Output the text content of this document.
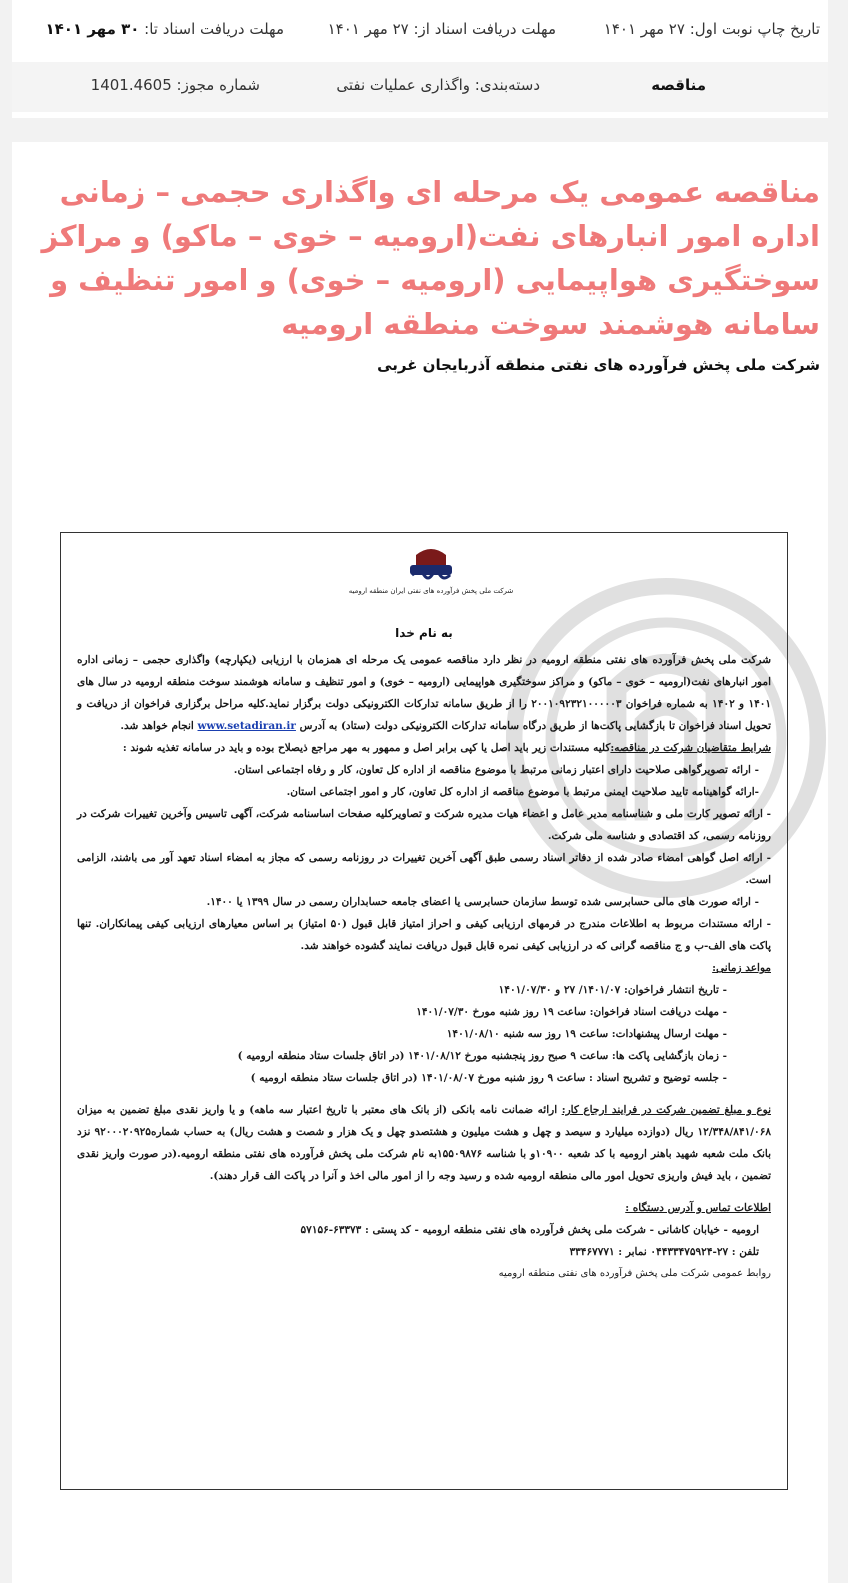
تاریخ چاپ نوبت اول: ۲۷ مهر ۱۴۰۱
مهلت دریافت اسناد از: ۲۷ مهر ۱۴۰۱
مهلت دریافت اسناد تا: ۳۰ مهر ۱۴۰۱
مناقصه
دسته‌بندی: واگذاری عملیات نفتی
شماره مجوز: 1401.4605
مناقصه عمومی یک مرحله ای واگذاری حجمی – زمانی اداره امور انبارهای نفت(ارومیه – خوی – ماکو) و مراکز سوختگیری هواپیمایی (ارومیه – خوی) و امور تنظیف و سامانه هوشمند سوخت منطقه ارومیه
شرکت ملی پخش فرآورده های نفتی منطقه آذربایجان غربی
شرکت ملی پخش فرآورده های نفتی ایران منطقه ارومیه
به نام خدا

شرکت ملی پخش فرآورده های نفتی منطقه ارومیه در نظر دارد مناقصه عمومی یک مرحله ای همزمان با ارزیابی (یکپارچه) واگذاری حجمی – زمانی اداره امور انبارهای نفت(ارومیه – خوی – ماکو) و مراکز سوختگیری هواپیمایی (ارومیه – خوی) و امور تنظیف و سامانه هوشمند سوخت منطقه ارومیه در سال های ۱۴۰۱ و ۱۴۰۲ به شماره فراخوان ۲۰۰۱۰۹۲۳۲۱۰۰۰۰۰۳ را از طریق سامانه تدارکات الکترونیکی دولت برگزار نماید.کلیه مراحل برگزاری فراخوان از دریافت و تحویل اسناد فراخوان تا بازگشایی پاکت‌ها از طریق درگاه سامانه تدارکات الکترونیکی دولت (ستاد) به آدرس www.setadiran.ir انجام خواهد شد.

شرایط متقاضیان شرکت در مناقصه:کلیه مستندات زیر باید اصل یا کپی برابر اصل و ممهور به مهر مراجع ذیصلاح بوده و باید در سامانه تغذیه شوند :

- ارائه تصویرگواهی صلاحیت دارای اعتبار زمانی مرتبط با موضوع مناقصه از اداره کل تعاون، کار و رفاه اجتماعی استان.

-ارائه گواهینامه تایید صلاحیت ایمنی مرتبط با موضوع مناقصه از اداره کل تعاون، کار و امور اجتماعی استان.

- ارائه تصویر کارت ملی و شناسنامه مدیر عامل و اعضاء هیات مدیره شرکت و تصاویرکلیه صفحات اساسنامه شرکت، آگهی تاسیس وآخرین تغییرات شرکت در روزنامه رسمی، کد اقتصادی و شناسه ملی شرکت.

- ارائه اصل گواهی امضاء صادر شده از دفاتر اسناد رسمی طبق آگهی آخرین تغییرات در روزنامه رسمی که مجاز به امضاء اسناد تعهد آور می باشند، الزامی است.

- ارائه صورت های مالی حسابرسی شده توسط سازمان حسابرسی یا اعضای جامعه حسابداران رسمی در سال ۱۳۹۹ یا ۱۴۰۰.

- ارائه مستندات مربوط به اطلاعات مندرج در فرمهای ارزیابی کیفی و احراز امتیاز قابل قبول (۵۰ امتیاز) بر اساس معیارهای ارزیابی کیفی پیمانکاران. تنها پاکت های الف-ب و ج مناقصه گرانی که در ارزیابی کیفی نمره قابل قبول دریافت نمایند گشوده خواهند شد.

مواعد زمانی:

- تاریخ انتشار فراخوان: ۱۴۰۱/۰۷/ ۲۷ و ۱۴۰۱/۰۷/۳۰

- مهلت دریافت اسناد فراخوان: ساعت ۱۹ روز شنبه مورخ ۱۴۰۱/۰۷/۳۰

- مهلت ارسال پیشنهادات: ساعت ۱۹ روز سه شنبه ۱۴۰۱/۰۸/۱۰

- زمان بازگشایی پاکت ها: ساعت ۹ صبح روز پنجشنبه مورخ ۱۴۰۱/۰۸/۱۲ (در اتاق جلسات ستاد منطقه ارومیه )

- جلسه توضیح و تشریح اسناد : ساعت ۹ روز شنبه مورخ ۱۴۰۱/۰۸/۰۷ (در اتاق جلسات ستاد منطقه ارومیه )

نوع و مبلغ تضمین شرکت در فرایند ارجاع کار: ارائه ضمانت نامه بانکی (از بانک های معتبر با تاریخ اعتبار سه ماهه) و یا واریز نقدی مبلغ تضمین به میزان ۱۲/۳۴۸/۸۴۱/۰۶۸ ریال (دوازده میلیارد و سیصد و چهل و هشت میلیون و هشتصدو چهل و یک هزار و شصت و هشت ریال) به حساب شماره۹۲۰۰۰۲۰۹۲۵ نزد بانک ملت شعبه شهید باهنر ارومیه با کد شعبه ۱۰۹۰۰و با شناسه ۱۵۵۰۹۸۷۶به نام شرکت ملی پخش فرآورده های نفتی منطقه ارومیه.(در صورت واریز نقدی تضمین ، باید فیش واریزی تحویل امور مالی منطقه ارومیه شده و رسید وجه را از امور مالی اخذ و آنرا در پاکت الف قرار دهند).

اطلاعات تماس و آدرس دستگاه :

ارومیه - خیابان کاشانی - شرکت ملی پخش فرآورده های نفتی منطقه ارومیه - کد پستی : ۶۳۳۷۳-۵۷۱۵۶

تلفن : ۲۷-۰۴۴۳۳۴۷۵۹۲۴ نمابر : ۳۳۴۶۷۷۷۱

روابط عمومی شرکت ملی پخش فرآورده های نفتی منطقه ارومیه
